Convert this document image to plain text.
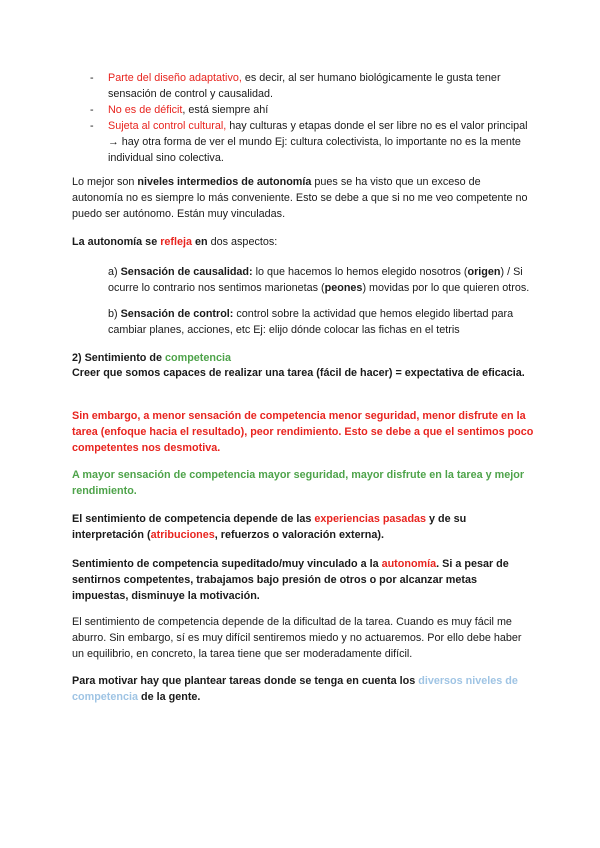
- Parte del diseño adaptativo, es decir, al ser humano biológicamente le gusta tener sensación de control y causalidad.

- No es de déficit, está siempre ahí

- Sujeta al control cultural, hay culturas y etapas donde el ser libre no es el valor principal → hay otra forma de ver el mundo Ej: cultura colectivista, lo importante no es la mente individual sino colectiva.

Lo mejor son niveles intermedios de autonomía pues se ha visto que un exceso de autonomía no es siempre lo más conveniente. Esto se debe a que si no me veo competente no puedo ser autónomo. Están muy vinculadas.

La autonomía se refleja en dos aspectos:

a) Sensación de causalidad: lo que hacemos lo hemos elegido nosotros (origen) / Si ocurre lo contrario nos sentimos marionetas (peones) movidas por lo que quieren otros.

b) Sensación de control: control sobre la actividad que hemos elegido libertad para cambiar planes, acciones, etc Ej: elijo dónde colocar las fichas en el tetris

2) Sentimiento de competencia

Creer que somos capaces de realizar una tarea (fácil de hacer) = expectativa de eficacia.

Sin embargo, a menor sensación de competencia menor seguridad, menor disfrute en la tarea (enfoque hacia el resultado), peor rendimiento. Esto se debe a que el sentimos poco competentes nos desmotiva.

A mayor sensación de competencia mayor seguridad, mayor disfrute en la tarea y mejor rendimiento.

El sentimiento de competencia depende de las experiencias pasadas y de su interpretación (atribuciones, refuerzos o valoración externa).

Sentimiento de competencia supeditado/muy vinculado a la autonomía. Si a pesar de sentirnos competentes, trabajamos bajo presión de otros o por alcanzar metas impuestas, disminuye la motivación.

El sentimiento de competencia depende de la dificultad de la tarea. Cuando es muy fácil me aburro. Sin embargo, sí es muy difícil sentiremos miedo y no actuaremos. Por ello debe haber un equilibrio, en concreto, la tarea tiene que ser moderadamente difícil.

Para motivar hay que plantear tareas donde se tenga en cuenta los diversos niveles de competencia de la gente.
